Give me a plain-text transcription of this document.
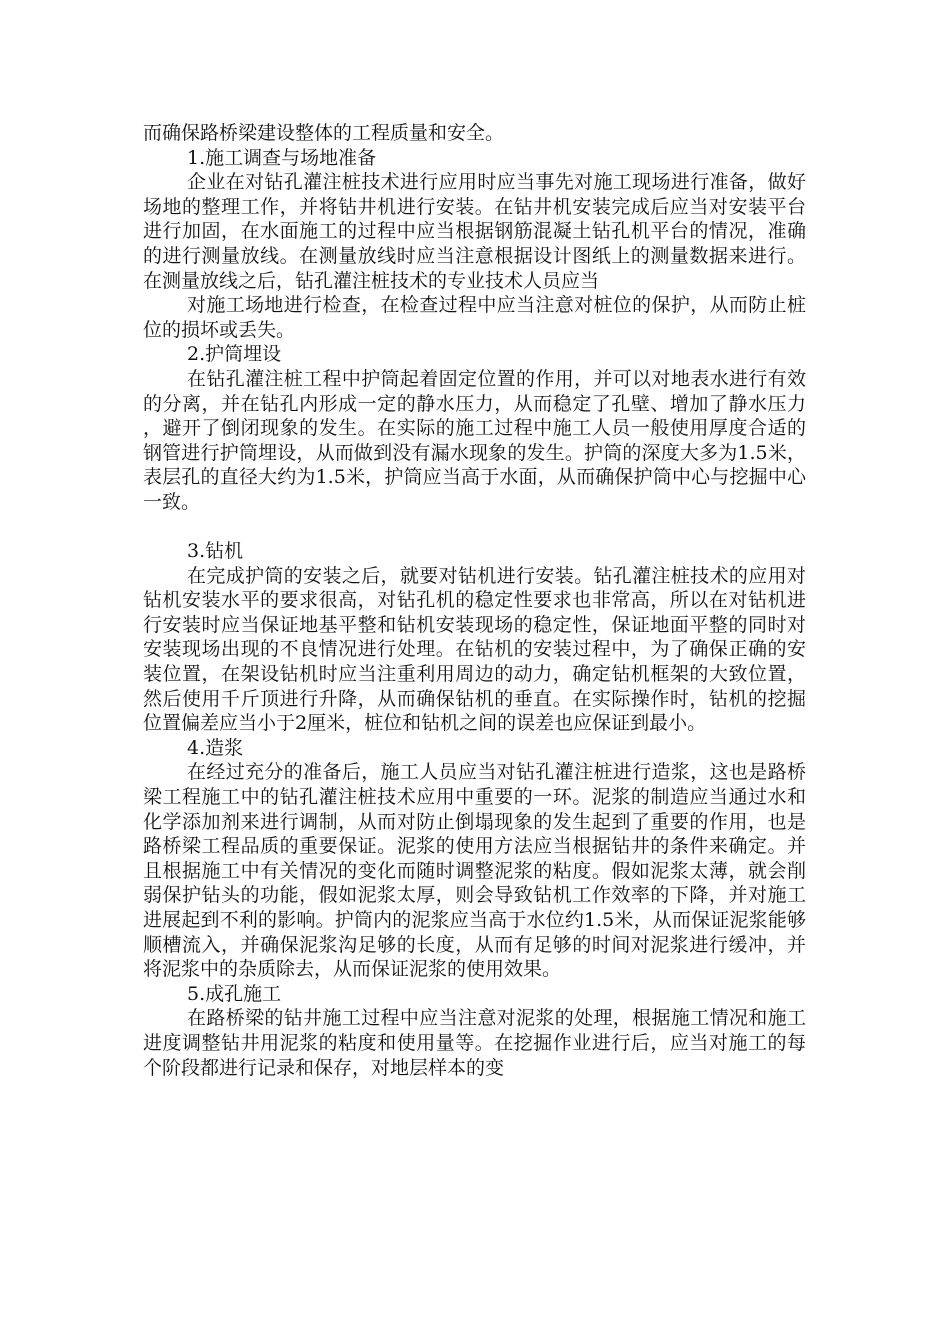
而确保路桥梁建设整体的工程质量和安全。

1.施工调查与场地准备

企业在对钻孔灌注桩技术进行应用时应当事先对施工现场进行准备，做好场地的整理工作，并将钻井机进行安装。在钻井机安装完成后应当对安装平台进行加固，在水面施工的过程中应当根据钢筋混凝土钻孔机平台的情况，准确的进行测量放线。在测量放线时应当注意根据设计图纸上的测量数据来进行。在测量放线之后，钻孔灌注桩技术的专业技术人员应当

对施工场地进行检查，在检查过程中应当注意对桩位的保护，从而防止桩位的损坏或丢失。

2.护筒埋设

在钻孔灌注桩工程中护筒起着固定位置的作用，并可以对地表水进行有效的分离，并在钻孔内形成一定的静水压力，从而稳定了孔壁、增加了静水压力，避开了倒闭现象的发生。在实际的施工过程中施工人员一般使用厚度合适的钢管进行护筒埋设，从而做到没有漏水现象的发生。护筒的深度大多为1.5米，表层孔的直径大约为1.5米，护筒应当高于水面，从而确保护筒中心与挖掘中心一致。

3.钻机

在完成护筒的安装之后，就要对钻机进行安装。钻孔灌注桩技术的应用对钻机安装水平的要求很高，对钻孔机的稳定性要求也非常高，所以在对钻机进行安装时应当保证地基平整和钻机安装现场的稳定性，保证地面平整的同时对安装现场出现的不良情况进行处理。在钻机的安装过程中，为了确保正确的安装位置，在架设钻机时应当注重利用周边的动力，确定钻机框架的大致位置，然后使用千斤顶进行升降，从而确保钻机的垂直。在实际操作时，钻机的挖掘位置偏差应当小于2厘米，桩位和钻机之间的误差也应保证到最小。

4.造浆

在经过充分的准备后，施工人员应当对钻孔灌注桩进行造浆，这也是路桥梁工程施工中的钻孔灌注桩技术应用中重要的一环。泥浆的制造应当通过水和化学添加剂来进行调制，从而对防止倒塌现象的发生起到了重要的作用，也是路桥梁工程品质的重要保证。泥浆的使用方法应当根据钻井的条件来确定。并且根据施工中有关情况的变化而随时调整泥浆的粘度。假如泥浆太薄，就会削弱保护钻头的功能，假如泥浆太厚，则会导致钻机工作效率的下降，并对施工进展起到不利的影响。护筒内的泥浆应当高于水位约1.5米，从而保证泥浆能够顺槽流入，并确保泥浆沟足够的长度，从而有足够的时间对泥浆进行缓冲，并将泥浆中的杂质除去，从而保证泥浆的使用效果。

5.成孔施工

在路桥梁的钻井施工过程中应当注意对泥浆的处理，根据施工情况和施工进度调整钻井用泥浆的粘度和使用量等。在挖掘作业进行后，应当对施工的每个阶段都进行记录和保存，对地层样本的变
